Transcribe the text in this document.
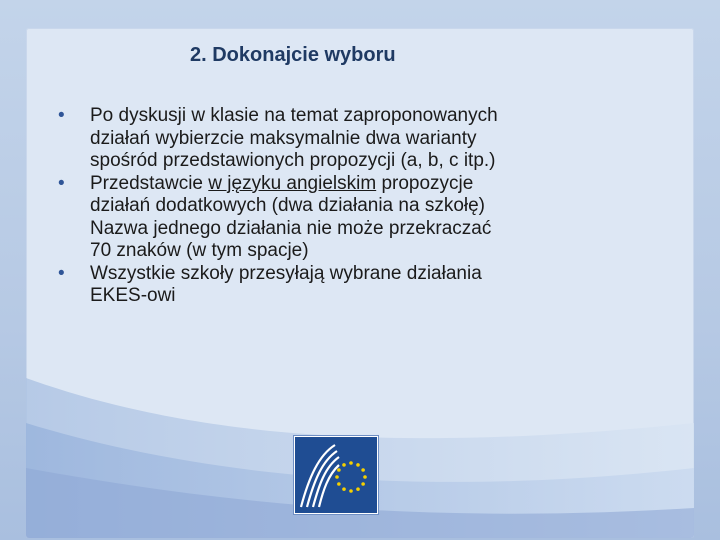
2. Dokonajcie wyboru
• Po dyskusji w klasie na temat zaproponowanych
działań wybierzcie maksymalnie dwa warianty
spośród przedstawionych propozycji (a, b, c itp.)
• Przedstawcie w języku angielskim propozycje
działań dodatkowych (dwa działania na szkołę)
Nazwa jednego działania nie może przekraczać
70 znaków (w tym spacje)
• Wszystkie szkoły przesyłają wybrane działania
EKES-owi
